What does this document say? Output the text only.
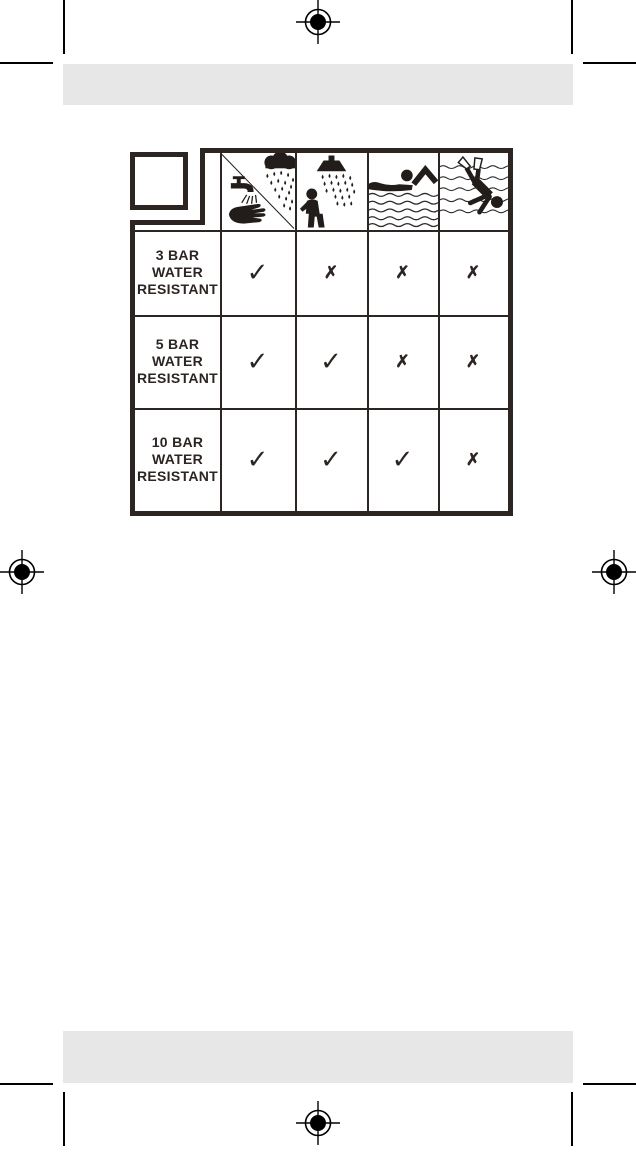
3 BAR
WATER
RESISTANT
✓	✗	✗	✗
5 BAR
WATER
RESISTANT
✓	✓	✗	✗
10 BAR
WATER
RESISTANT
✓	✓	✓	✗
